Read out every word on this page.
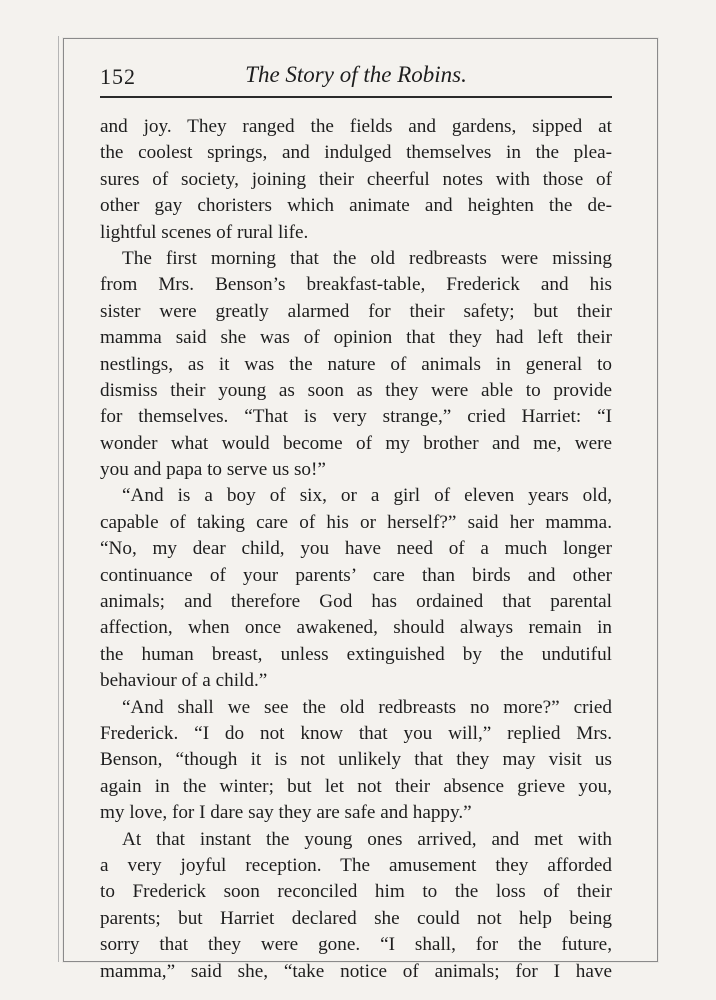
152	The Story of the Robins.
and joy. They ranged the fields and gardens, sipped at
the coolest springs, and indulged themselves in the plea-
sures of society, joining their cheerful notes with those of
other gay choristers which animate and heighten the de-
lightful scenes of rural life.
The first morning that the old redbreasts were missing
from Mrs. Benson’s breakfast-table, Frederick and his
sister were greatly alarmed for their safety; but their
mamma said she was of opinion that they had left their
nestlings, as it was the nature of animals in general to
dismiss their young as soon as they were able to provide
for themselves. “That is very strange,” cried Harriet: “I
wonder what would become of my brother and me, were
you and papa to serve us so!”
“And is a boy of six, or a girl of eleven years old,
capable of taking care of his or herself?” said her mamma.
“No, my dear child, you have need of a much longer
continuance of your parents’ care than birds and other
animals; and therefore God has ordained that parental
affection, when once awakened, should always remain in
the human breast, unless extinguished by the undutiful
behaviour of a child.”
“And shall we see the old redbreasts no more?” cried
Frederick. “I do not know that you will,” replied Mrs.
Benson, “though it is not unlikely that they may visit us
again in the winter; but let not their absence grieve you,
my love, for I dare say they are safe and happy.”
At that instant the young ones arrived, and met with
a very joyful reception. The amusement they afforded
to Frederick soon reconciled him to the loss of their
parents; but Harriet declared she could not help being
sorry that they were gone. “I shall, for the future,
mamma,” said she, “take notice of animals; for I have
